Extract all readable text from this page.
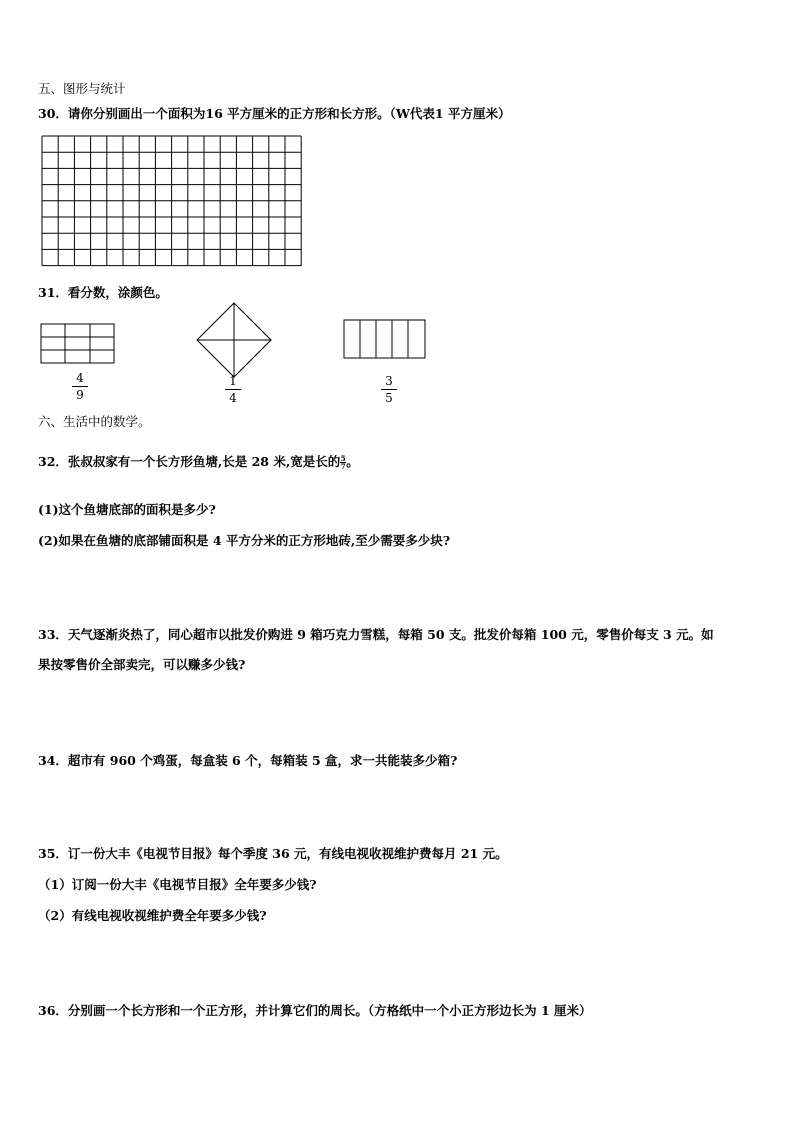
五、图形与统计
30．请你分别画出一个面积为16 平方厘米的正方形和长方形。（W代表1 平方厘米）
31．看分数，涂颜色。
4
9
1
4
3
5
六、生活中的数学。
32．张叔叔家有一个长方形鱼塘,长是 28 米,宽是长的 $\frac{5}{7}$ 。
(1)这个鱼塘底部的面积是多少?
(2)如果在鱼塘的底部铺面积是 4 平方分米的正方形地砖,至少需要多少块?
33．天气逐渐炎热了，同心超市以批发价购进 9 箱巧克力雪糕，每箱 50 支。批发价每箱 100 元，零售价每支 3 元。如
果按零售价全部卖完，可以赚多少钱?
34．超市有 960 个鸡蛋，每盒装 6 个，每箱装 5 盒，求一共能装多少箱?
35．订一份大丰《电视节目报》每个季度 36 元，有线电视收视维护费每月 21 元。
（1）订阅一份大丰《电视节目报》全年要多少钱?
（2）有线电视收视维护费全年要多少钱?
36．分别画一个长方形和一个正方形，并计算它们的周长。（方格纸中一个小正方形边长为 1 厘米）
